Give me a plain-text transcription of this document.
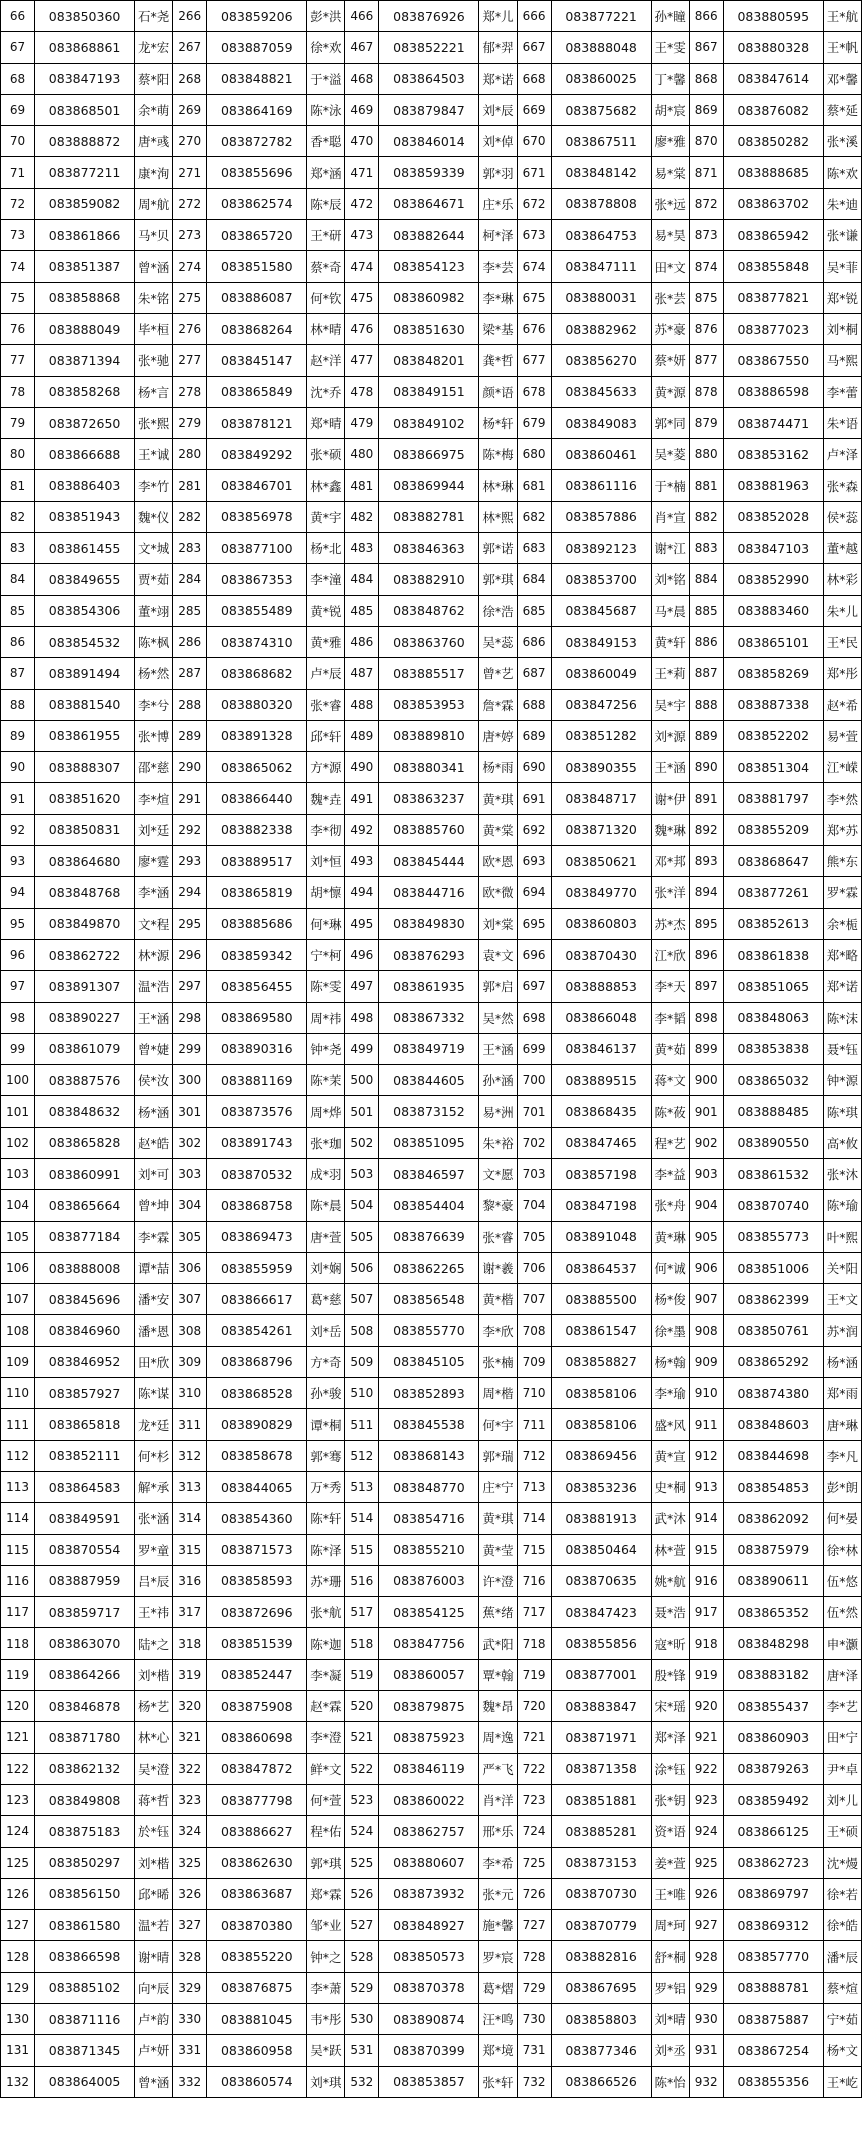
66	083850360	石*尧	266	083859206	彭*洪	466	083876926	郑*儿	666	083877221	孙*瞳	866	083880595	王*航
67	083868861	龙*宏	267	083887059	徐*欢	467	083852221	郁*羿	667	083888048	王*雯	867	083880328	王*帆
68	083847193	蔡*阳	268	083848821	于*溢	468	083864503	郑*诺	668	083860025	丁*馨	868	083847614	邓*馨
69	083868501	余*萌	269	083864169	陈*泳	469	083879847	刘*辰	669	083875682	胡*宸	869	083876082	蔡*延
70	083888872	唐*彧	270	083872782	香*聪	470	083846014	刘*倬	670	083867511	廖*雅	870	083850282	张*溪
71	083877211	康*洵	271	083855696	郑*涵	471	083859339	郭*羽	671	083848142	易*棠	871	083888685	陈*欢
72	083859082	周*航	272	083862574	陈*辰	472	083864671	庄*乐	672	083878808	张*远	872	083863702	朱*迪
73	083861866	马*贝	273	083865720	王*研	473	083882644	柯*泽	673	083864753	易*昊	873	083865942	张*谦
74	083851387	曾*涵	274	083851580	蔡*奇	474	083854123	李*芸	674	083847111	田*文	874	083855848	吴*菲
75	083858868	朱*铭	275	083886087	何*钦	475	083860982	李*琳	675	083880031	张*芸	875	083877821	郑*锐
76	083888049	毕*桓	276	083868264	林*晴	476	083851630	梁*基	676	083882962	苏*豪	876	083877023	刘*桐
77	083871394	张*驰	277	083845147	赵*洋	477	083848201	龚*哲	677	083856270	蔡*妍	877	083867550	马*熙
78	083858268	杨*言	278	083865849	沈*乔	478	083849151	颜*语	678	083845633	黄*源	878	083886598	李*蕾
79	083872650	张*熙	279	083878121	郑*晴	479	083849102	杨*轩	679	083849083	郭*同	879	083874471	朱*语
80	083866688	王*诚	280	083849292	张*硕	480	083866975	陈*梅	680	083860461	吴*菱	880	083853162	卢*泽
81	083886403	李*竹	281	083846701	林*鑫	481	083869944	林*琳	681	083861116	于*楠	881	083881963	张*森
82	083851943	魏*仪	282	083856978	黄*宇	482	083882781	林*熙	682	083857886	肖*宣	882	083852028	侯*蕊
83	083861455	文*城	283	083877100	杨*北	483	083846363	郭*诺	683	083892123	谢*江	883	083847103	董*越
84	083849655	贾*茹	284	083867353	李*潼	484	083882910	郭*琪	684	083853700	刘*铭	884	083852990	林*彩
85	083854306	董*翊	285	083855489	黄*锐	485	083848762	徐*浩	685	083845687	马*晨	885	083883460	朱*儿
86	083854532	陈*枫	286	083874310	黄*雅	486	083863760	吴*蕊	686	083849153	黄*轩	886	083865101	王*民
87	083891494	杨*然	287	083868682	卢*辰	487	083885517	曾*艺	687	083860049	王*莉	887	083858269	郑*彤
88	083881540	李*兮	288	083880320	张*睿	488	083853953	詹*霖	688	083847256	吴*宇	888	083887338	赵*希
89	083861955	张*博	289	083891328	邱*轩	489	083889810	唐*婷	689	083851282	刘*源	889	083852202	易*萱
90	083888307	邵*慈	290	083865062	方*源	490	083880341	杨*雨	690	083890355	王*涵	890	083851304	江*嵘
91	083851620	李*煊	291	083866440	魏*垚	491	083863237	黄*琪	691	083848717	谢*伊	891	083881797	李*然
92	083850831	刘*廷	292	083882338	李*彻	492	083885760	黄*棠	692	083871320	魏*琳	892	083855209	郑*苏
93	083864680	廖*霆	293	083889517	刘*恒	493	083845444	欧*恩	693	083850621	邓*邦	893	083868647	熊*东
94	083848768	李*涵	294	083865819	胡*懔	494	083844716	欧*微	694	083849770	张*洋	894	083877261	罗*霖
95	083849870	文*程	295	083885686	何*琳	495	083849830	刘*棠	695	083860803	苏*杰	895	083852613	余*栀
96	083862722	林*源	296	083859342	宁*柯	496	083876293	袁*文	696	083870430	江*欣	896	083861838	郑*略
97	083891307	温*浩	297	083856455	陈*雯	497	083861935	郭*启	697	083888853	李*天	897	083851065	郑*诺
98	083890227	王*涵	298	083869580	周*祎	498	083867332	吴*然	698	083866048	李*韬	898	083848063	陈*沫
99	083861079	曾*婕	299	083890316	钟*尧	499	083849719	王*涵	699	083846137	黄*茹	899	083853838	聂*钰
100	083887576	侯*汝	300	083881169	陈*茉	500	083844605	孙*涵	700	083889515	蒋*文	900	083865032	钟*源
101	083848632	杨*涵	301	083873576	周*烨	501	083873152	易*洲	701	083868435	陈*莜	901	083888485	陈*琪
102	083865828	赵*皓	302	083891743	张*珈	502	083851095	朱*裕	702	083847465	程*艺	902	083890550	高*攸
103	083860991	刘*可	303	083870532	成*羽	503	083846597	文*愿	703	083857198	李*益	903	083861532	张*沐
104	083865664	曾*坤	304	083868758	陈*晨	504	083854404	黎*豪	704	083847198	张*舟	904	083870740	陈*瑜
105	083877184	李*霖	305	083869473	唐*萱	505	083876639	张*睿	705	083891048	黄*琳	905	083855773	叶*熙
106	083888008	谭*喆	306	083855959	刘*娴	506	083862265	谢*羲	706	083864537	何*诚	906	083851006	关*阳
107	083845696	潘*安	307	083866617	葛*慈	507	083856548	黄*楷	707	083885500	杨*俊	907	083862399	王*文
108	083846960	潘*恩	308	083854261	刘*岳	508	083855770	李*欣	708	083861547	徐*墨	908	083850761	苏*润
109	083846952	田*欣	309	083868796	方*奇	509	083845105	张*楠	709	083858827	杨*翰	909	083865292	杨*涵
110	083857927	陈*谋	310	083868528	孙*骏	510	083852893	周*楷	710	083858106	李*瑜	910	083874380	郑*雨
111	083865818	龙*廷	311	083890829	谭*桐	511	083845538	何*宇	711	083858106	盛*风	911	083848603	唐*琳
112	083852111	何*杉	312	083858678	郭*骞	512	083868143	郭*瑞	712	083869456	黄*宣	912	083844698	李*凡
113	083864583	解*承	313	083844065	万*秀	513	083848770	庄*宁	713	083853236	史*桐	913	083854853	彭*朗
114	083849591	张*涵	314	083854360	陈*轩	514	083854716	黄*琪	714	083881913	武*沐	914	083862092	何*晏
115	083870554	罗*童	315	083871573	陈*泽	515	083855210	黄*莹	715	083850464	林*萱	915	083875979	徐*林
116	083887959	吕*辰	316	083858593	苏*珊	516	083876003	许*澄	716	083870635	姚*航	916	083890611	伍*悠
117	083859717	王*祎	317	083872696	张*航	517	083854125	蕉*绪	717	083847423	聂*浩	917	083865352	伍*然
118	083863070	陆*之	318	083851539	陈*迦	518	083847756	武*阳	718	083855856	寇*昕	918	083848298	申*灏
119	083864266	刘*楷	319	083852447	李*凝	519	083860057	覃*翰	719	083877001	殷*锋	919	083883182	唐*泽
120	083846878	杨*艺	320	083875908	赵*霖	520	083879875	魏*昂	720	083883847	宋*瑶	920	083855437	李*艺
121	083871780	林*心	321	083860698	李*澄	521	083875923	周*逸	721	083871971	郑*泽	921	083860903	田*宁
122	083862132	吴*澄	322	083847872	鲜*文	522	083846119	严*飞	722	083871358	涂*钰	922	083879263	尹*卓
123	083849808	蒋*哲	323	083877798	何*萱	523	083860022	肖*洋	723	083851881	张*钥	923	083859492	刘*儿
124	083875183	於*钰	324	083886627	程*佑	524	083862757	邢*乐	724	083885281	资*语	924	083866125	王*硕
125	083850297	刘*楷	325	083862630	郭*琪	525	083880607	李*希	725	083873153	姜*萱	925	083862723	沈*熳
126	083856150	邱*晞	326	083863687	郑*霖	526	083873932	张*元	726	083870730	王*唯	926	083869797	徐*若
127	083861580	温*若	327	083870380	邹*业	527	083848927	施*馨	727	083870779	周*珂	927	083869312	徐*皓
128	083866598	谢*晴	328	083855220	钟*之	528	083850573	罗*宸	728	083882816	舒*桐	928	083857770	潘*辰
129	083885102	向*辰	329	083876875	李*萧	529	083870378	葛*熠	729	083867695	罗*铝	929	083888781	蔡*煊
130	083871116	卢*韵	330	083881045	韦*彤	530	083890874	汪*鸣	730	083858803	刘*晴	930	083875887	宁*茹
131	083871345	卢*妍	331	083860958	吴*跃	531	083870399	郑*境	731	083877346	刘*丞	931	083867254	杨*文
132	083864005	曾*涵	332	083860574	刘*琪	532	083853857	张*轩	732	083866526	陈*怡	932	083855356	王*屹
